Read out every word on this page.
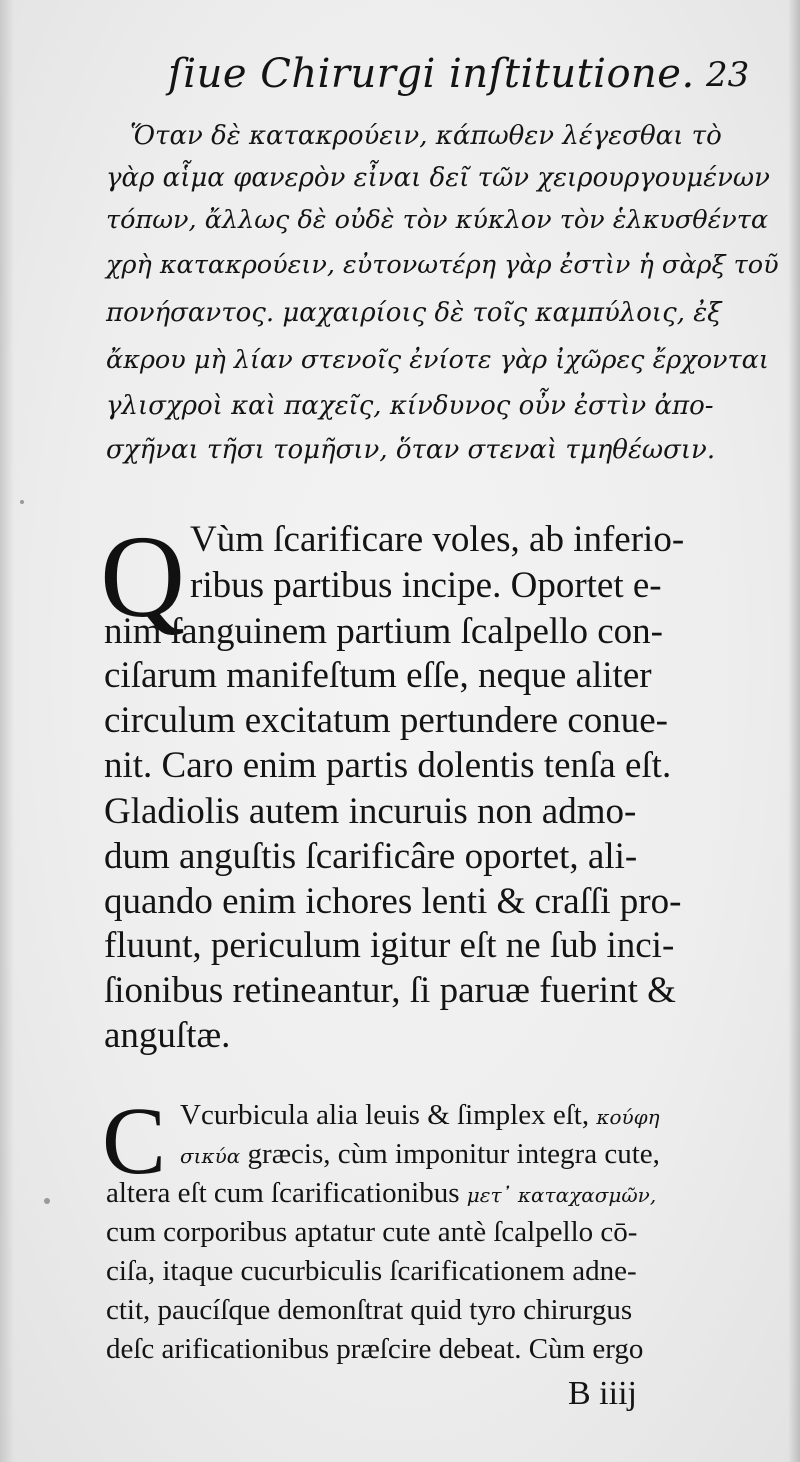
ſiue Chirurgi inſtitutione. 23

Ὅταν δὲ κατακρούειν, κάπωθεν λέγεσθαι τὸ

γὰρ αἷμα φανερὸν εἶναι δεῖ τῶν χειρουργουμένων

τόπων, ἄλλως δὲ οὐδὲ τὸν κύκλον τὸν ἑλκυσθέντα

χρὴ κατακρούειν, εὐτονωτέρη γὰρ ἐστὶν ἡ σὰρξ τοῦ

πονήσαντος. μαχαιρίοις δὲ τοῖς καμπύλοις, ἐξ

ἄκρου μὴ λίαν στενοῖς ἐνίοτε γὰρ ἰχῶρες ἔρχονται

γλισχροὶ καὶ παχεῖς, κίνδυνος οὖν ἐστὶν ἀπο-

σχῆναι τῆσι τομῆσιν, ὅταν στεναὶ τμηθέωσιν.

Q Vùm ſcarificare voles, ab inferio-

ribus partibus incipe. Oportet e-

nim ſanguinem partium ſcalpello con-

ciſarum manifeſtum eſſe, neque aliter

circulum excitatum pertundere conue-

nit. Caro enim partis dolentis tenſa eſt.

Gladiolis autem incuruis non admo-

dum anguſtis ſcarificâre oportet, ali-

quando enim ichores lenti & craſſi pro-

fluunt, periculum igitur eſt ne ſub inci-

ſionibus retineantur, ſi paruæ fuerint &

anguſtæ.

C Vcurbicula alia leuis & ſimplex eſt, κούφη

σικύα græcis, cùm imponitur integra cute,

altera eſt cum ſcarificationibus μετ᾽ καταχασμῶν,

cum corporibus aptatur cute antè ſcalpello cō-

ciſa, itaque cucurbiculis ſcarificationem adne-

ctit, paucíſque demonſtrat quid tyro chirurgus

deſc arificationibus præſcire debeat. Cùm ergo

B iiij
